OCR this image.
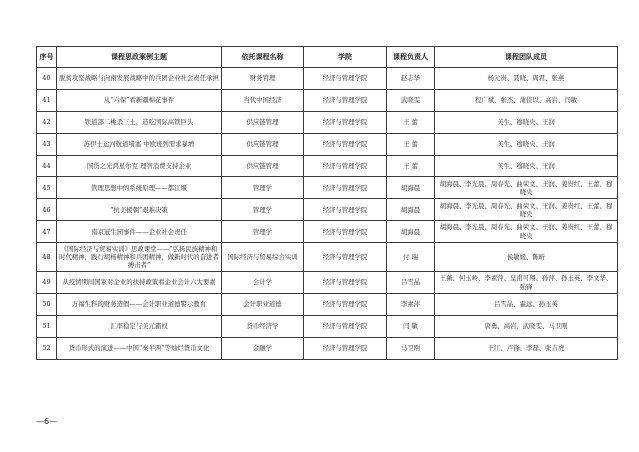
序号	课程思政案例主题	依托课程名称	学院	课程负责人	课程团队成员
40	脱贫攻坚战略与向南发展战略中的兵团企业社会责任承担	财务管理	经济与管理学院	赵志华	杨元贵、聂晓、周君、张燕
41	从“六保”看新疆棉花事件	当代中国经济	经济与管理学院	武晓雯	程广斌、张杰、蒲佳以、高岩、闫敏
42	铁道部二桃杀三士，造吃国际高铁巨头	供应链管理	经济与管理学院	王 蕾	芙生、穆晓央、王润
43	苏伊士运河航道堵塞 中欧班列需求暴增	供应链管理	经济与管理学院	王 蕾	芙生、穆晓央、王润
44	国货之光鸿星尔克 理智消费支持企业	供应链管理	经济与管理学院	王 蕾	芙生、穆晓央、王润
45	管理思想中的系统原理——都江堰	管理学	经济与管理学院	胡海晨	胡海晨、李光晨、周春光、曲荣文、王润、姜贵红、王蕾、穆晓央
46	“抗美援朝”艰难决策	管理学	经济与管理学院	胡海晨	胡海晨、李光晨、周春光、曲荣文、王润、姜贵红、王蕾、穆晓央
47	南京冠生园事件——企业社会责任	管理学	经济与管理学院	胡海晨	胡海晨、李光晨、周春光、曲荣文、王润、姜贵红、王蕾、穆晓央
48	《国际经济与贸易实训》思政课堂——“弘扬民族精神和时代精神，践行胡杨精神和兵团精神，做新时代的奋进者搏击者”	国际经济与贸易综合实训	经济与管理学院	付 瑞	侯敏媛、陈昕
49	从疫情期间国家对企业的扶持政策看企业会计六大要素	会计学	经济与管理学院	吕雪晶	王薇、何玉岭、李素萍、皇甫可翔、孙萍、孙玉英、李文华、强锋
50	万福生科的财务造假——会计职业道德警示教育	会计职业道德	经济与管理学院	李素萍	吕雪晶、霍远、孙玉英
51	汇率稳定与美元霸权	货币经济学	经济与管理学院	闫 敏	唐勇、高岩、武晓雯、马卫刚
52	货币形式的演进——中国“秦半两”等灿烂货币文化	金融学	经济与管理学院	马卫刚	王江、卢锋、李磊、张吉虎
—6—
